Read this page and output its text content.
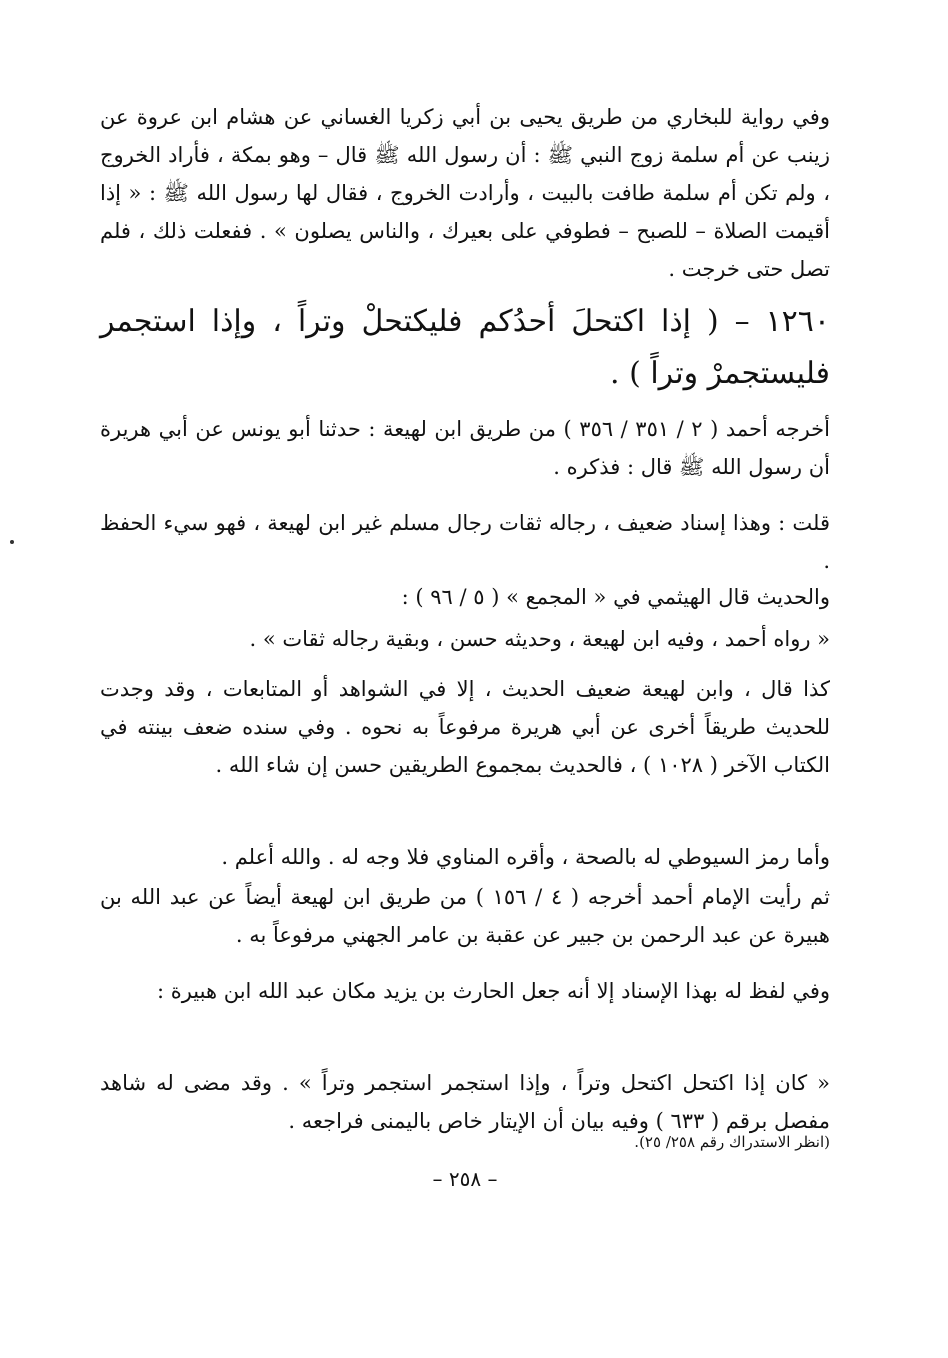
وفي رواية للبخاري من طريق يحيى بن أبي زكريا الغساني عن هشام ابن عروة عن زينب عن أم سلمة زوج النبي ﷺ : أن رسول الله ﷺ قال – وهو بمكة ، فأراد الخروج ، ولم تكن أم سلمة طافت بالبيت ، وأرادت الخروج ، فقال لها رسول الله ﷺ : « إذا أقيمت الصلاة – للصبح – فطوفي على بعيرك ، والناس يصلون » . ففعلت ذلك ، فلم تصل حتى خرجت .

١٢٦٠ – ( إذا اكتحلَ أحدُكم فليكتحلْ وتراً ، وإذا استجمر فليستجمرْ وتراً ) .

أخرجه أحمد ( ٢ / ٣٥١ / ٣٥٦ ) من طريق ابن لهيعة : حدثنا أبو يونس عن أبي هريرة أن رسول الله ﷺ قال : فذكره .

قلت : وهذا إسناد ضعيف ، رجاله ثقات رجال مسلم غير ابن لهيعة ، فهو سيء الحفظ .

والحديث قال الهيثمي في « المجمع » ( ٥ / ٩٦ ) :

« رواه أحمد ، وفيه ابن لهيعة ، وحديثه حسن ، وبقية رجاله ثقات » .

كذا قال ، وابن لهيعة ضعيف الحديث ، إلا في الشواهد أو المتابعات ، وقد وجدت للحديث طريقاً أخرى عن أبي هريرة مرفوعاً به نحوه . وفي سنده ضعف بينته في الكتاب الآخر ( ١٠٢٨ ) ، فالحديث بمجموع الطريقين حسن إن شاء الله .

وأما رمز السيوطي له بالصحة ، وأقره المناوي فلا وجه له . والله أعلم .

ثم رأيت الإمام أحمد أخرجه ( ٤ / ١٥٦ ) من طريق ابن لهيعة أيضاً عن عبد الله بن هبيرة عن عبد الرحمن بن جبير عن عقبة بن عامر الجهني مرفوعاً به .

وفي لفظ له بهذا الإسناد إلا أنه جعل الحارث بن يزيد مكان عبد الله ابن هبيرة :

« كان إذا اكتحل اكتحل وتراً ، وإذا استجمر استجمر وتراً » . وقد مضى له شاهد مفصل برقم ( ٦٣٣ ) وفيه بيان أن الإيتار خاص باليمنى فراجعه .

(انظر الاستدراك رقم ٢٥٨/ ٢٥).

– ٢٥٨ –
